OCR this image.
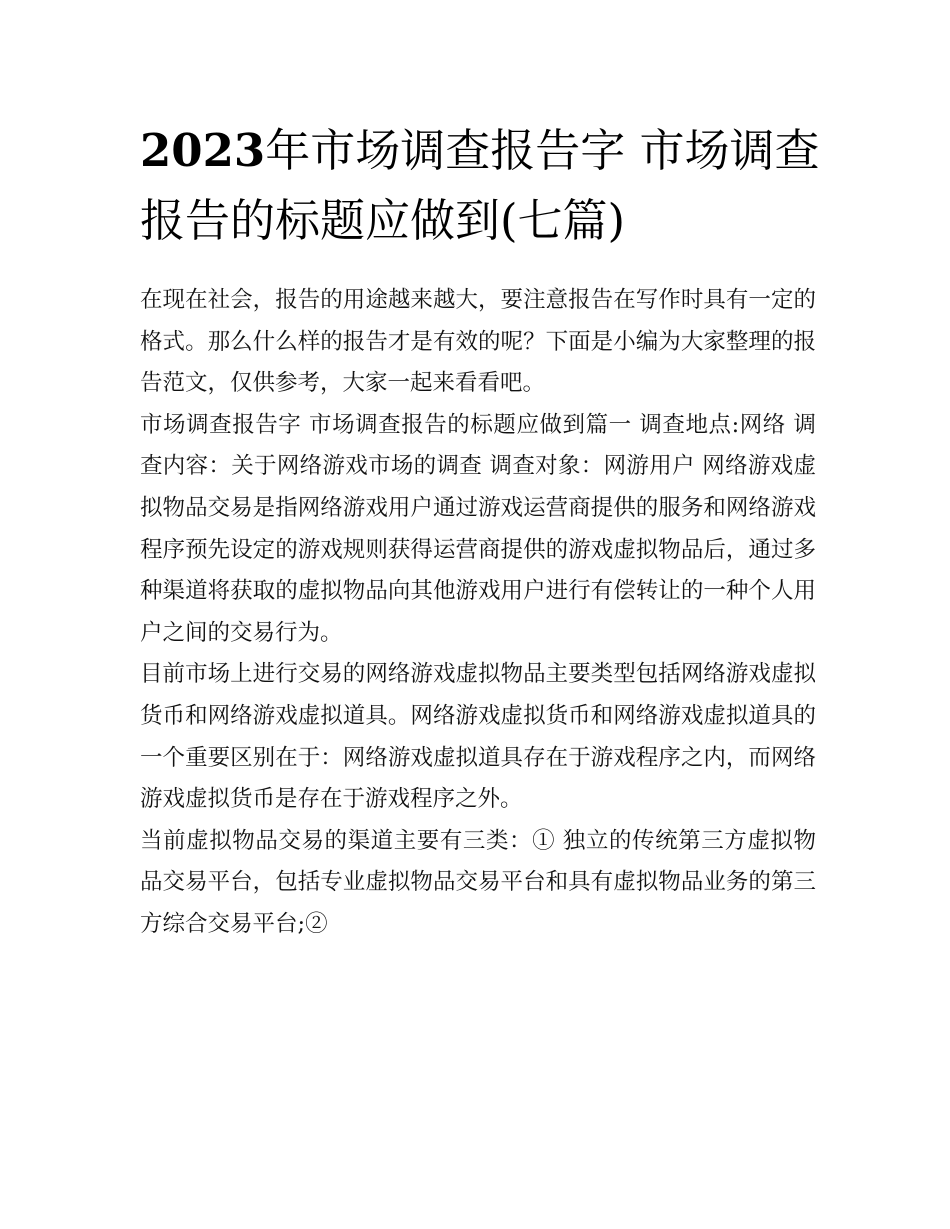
2023年市场调查报告字 市场调查报告的标题应做到(七篇)

在现在社会，报告的用途越来越大，要注意报告在写作时具有一定的格式。那么什么样的报告才是有效的呢？下面是小编为大家整理的报告范文，仅供参考，大家一起来看看吧。

市场调查报告字 市场调查报告的标题应做到篇一 调查地点:网络 调查内容：关于网络游戏市场的调查 调查对象：网游用户 网络游戏虚拟物品交易是指网络游戏用户通过游戏运营商提供的服务和网络游戏程序预先设定的游戏规则获得运营商提供的游戏虚拟物品后，通过多种渠道将获取的虚拟物品向其他游戏用户进行有偿转让的一种个人用户之间的交易行为。

目前市场上进行交易的网络游戏虚拟物品主要类型包括网络游戏虚拟货币和网络游戏虚拟道具。网络游戏虚拟货币和网络游戏虚拟道具的一个重要区别在于：网络游戏虚拟道具存在于游戏程序之内，而网络游戏虚拟货币是存在于游戏程序之外。

当前虚拟物品交易的渠道主要有三类：① 独立的传统第三方虚拟物品交易平台，包括专业虚拟物品交易平台和具有虚拟物品业务的第三方综合交易平台;②
